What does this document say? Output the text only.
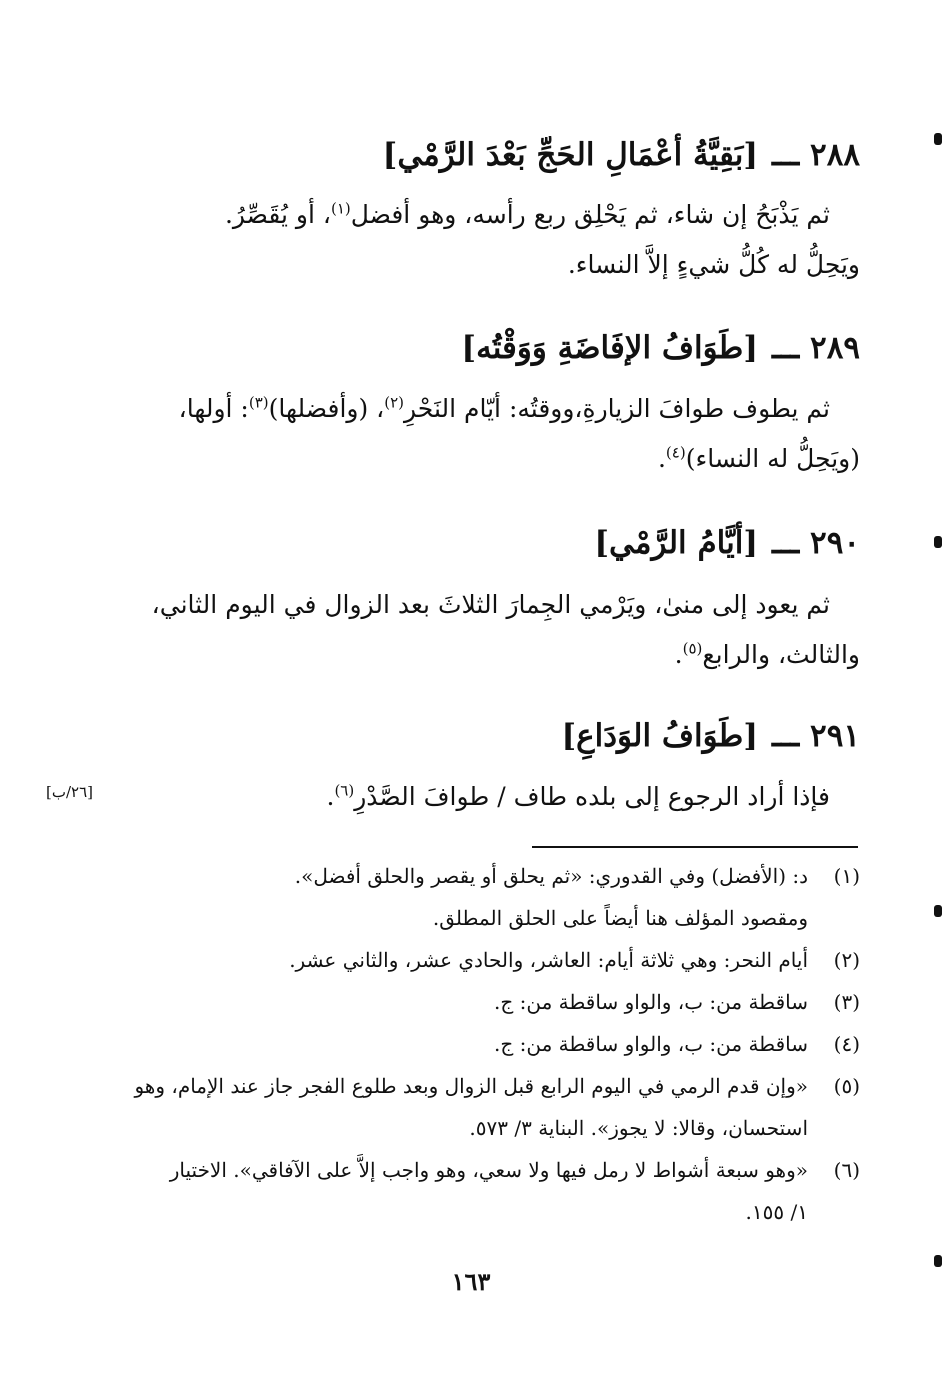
٢٨٨ ـــ[بَقِيَّةُ أعْمَالِ الحَجِّ بَعْدَ الرَّمْي]
ثم يَذْبَحُ إن شاء، ثم يَحْلِق ربع رأسه، وهو أفضل$^{(١)}$، أو يُقَصِّرُ.
ويَحِلُّ له كُلُّ شيءٍ إلاَّ النساء.
٢٨٩ ـــ[طَوَافُ الإفَاضَةِ وَوَقْتُه]
ثم يطوف طوافَ الزيارةِ،ووقتُه: أيّام النَحْرِ$^{(٢)}$، (وأفضلها)$^{(٣)}$: أولها،
(ويَحِلُّ له النساء)$^{(٤)}$.
٢٩٠ ـــ[أيَّامُ الرَّمْي]
ثم يعود إلى منىٰ، ويَرْمي الجِمارَ الثلاثَ بعد الزوال في اليوم الثاني،
والثالث، والرابع$^{(٥)}$.
٢٩١ ـــ[طَوَافُ الوَدَاعِ]
فإذا أراد الرجوع إلى بلده طاف / طوافَ الصَّدْرِ$^{(٦)}$.
[٢٦/ب]
(١)
د: (الأفضل) وفي القدوري: «ثم يحلق أو يقصر والحلق أفضل».
ومقصود المؤلف هنا أيضاً على الحلق المطلق.
(٢)
أيام النحر: وهي ثلاثة أيام: العاشر، والحادي عشر، والثاني عشر.
(٣)
ساقطة من: ب، والواو ساقطة من: ج.
(٤)
ساقطة من: ب، والواو ساقطة من: ج.
(٥)
«وإن قدم الرمي في اليوم الرابع قبل الزوال وبعد طلوع الفجر جاز عند الإمام، وهو
استحسان، وقالا: لا يجوز». البناية ٣/ ٥٧٣.
(٦)
«وهو سبعة أشواط لا رمل فيها ولا سعي، وهو واجب إلاَّ على الآفاقي». الاختيار
١/ ١٥٥.
١٦٣
